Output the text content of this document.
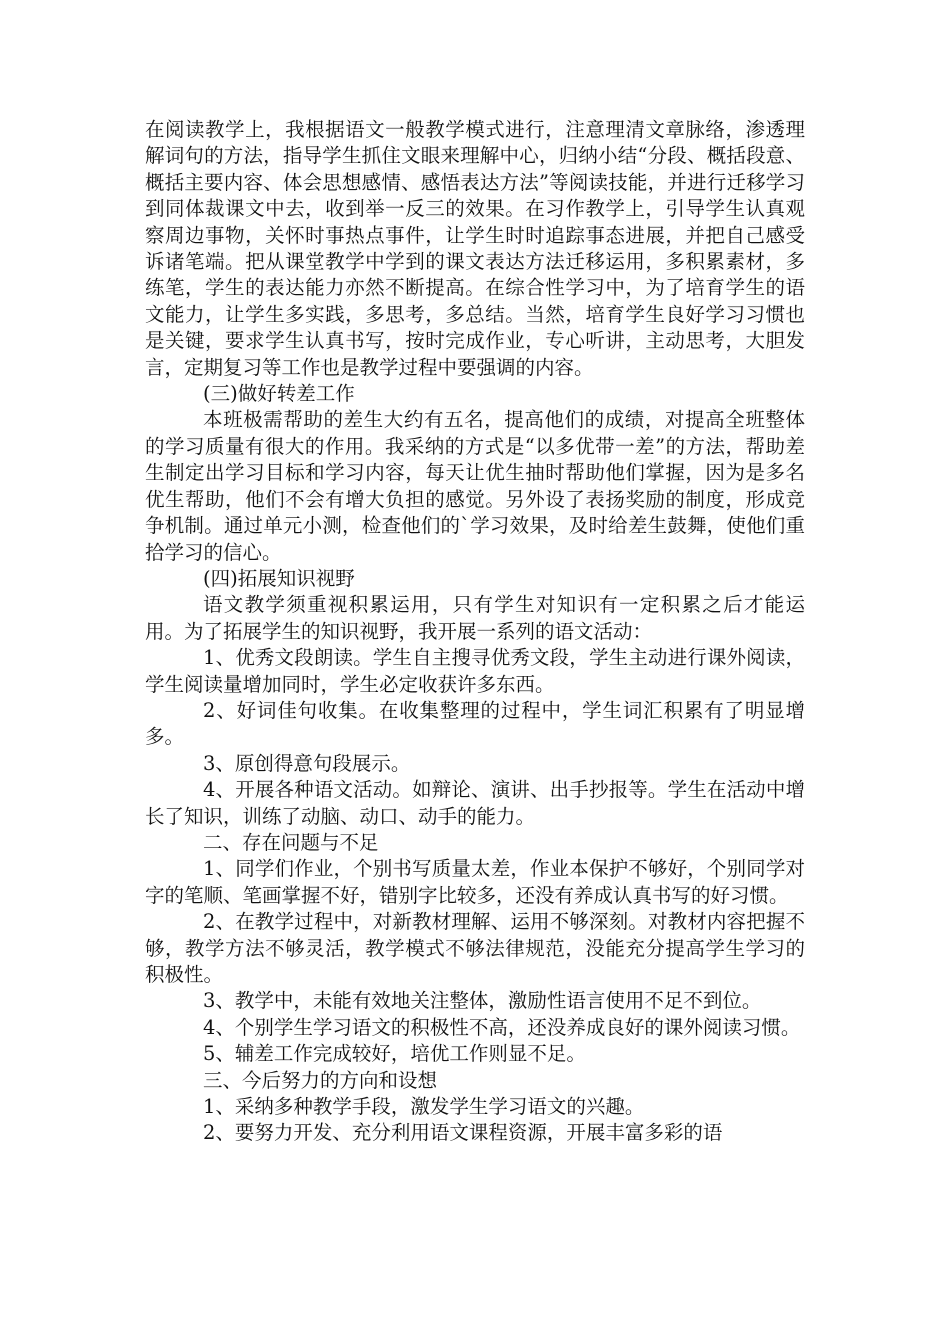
在阅读教学上，我根据语文一般教学模式进行，注意理清文章脉络，渗透理解词句的方法，指导学生抓住文眼来理解中心，归纳小结“分段、概括段意、概括主要内容、体会思想感情、感悟表达方法”等阅读技能，并进行迁移学习到同体裁课文中去，收到举一反三的效果。在习作教学上，引导学生认真观察周边事物，关怀时事热点事件，让学生时时追踪事态进展，并把自己感受诉诸笔端。把从课堂教学中学到的课文表达方法迁移运用，多积累素材，多练笔，学生的表达能力亦然不断提高。在综合性学习中，为了培育学生的语文能力，让学生多实践，多思考，多总结。当然，培育学生良好学习习惯也是关键，要求学生认真书写，按时完成作业，专心听讲，主动思考，大胆发言，定期复习等工作也是教学过程中要强调的内容。

(三)做好转差工作

本班极需帮助的差生大约有五名，提高他们的成绩，对提高全班整体的学习质量有很大的作用。我采纳的方式是“以多优带一差”的方法，帮助差生制定出学习目标和学习内容，每天让优生抽时帮助他们掌握，因为是多名优生帮助，他们不会有增大负担的感觉。另外设了表扬奖励的制度，形成竞争机制。通过单元小测，检查他们的`学习效果，及时给差生鼓舞，使他们重拾学习的信心。

(四)拓展知识视野

语文教学须重视积累运用，只有学生对知识有一定积累之后才能运用。为了拓展学生的知识视野，我开展一系列的语文活动：

1、优秀文段朗读。学生自主搜寻优秀文段，学生主动进行课外阅读，学生阅读量增加同时，学生必定收获许多东西。

2、好词佳句收集。在收集整理的过程中，学生词汇积累有了明显增多。

3、原创得意句段展示。

4、开展各种语文活动。如辩论、演讲、出手抄报等。学生在活动中增长了知识，训练了动脑、动口、动手的能力。

二、存在问题与不足

1、同学们作业，个别书写质量太差，作业本保护不够好，个别同学对字的笔顺、笔画掌握不好，错别字比较多，还没有养成认真书写的好习惯。

2、在教学过程中，对新教材理解、运用不够深刻。对教材内容把握不够，教学方法不够灵活，教学模式不够法律规范，没能充分提高学生学习的积极性。

3、教学中，未能有效地关注整体，激励性语言使用不足不到位。

4、个别学生学习语文的积极性不高，还没养成良好的课外阅读习惯。

5、辅差工作完成较好，培优工作则显不足。

三、今后努力的方向和设想

1、采纳多种教学手段，激发学生学习语文的兴趣。

2、要努力开发、充分利用语文课程资源，开展丰富多彩的语
